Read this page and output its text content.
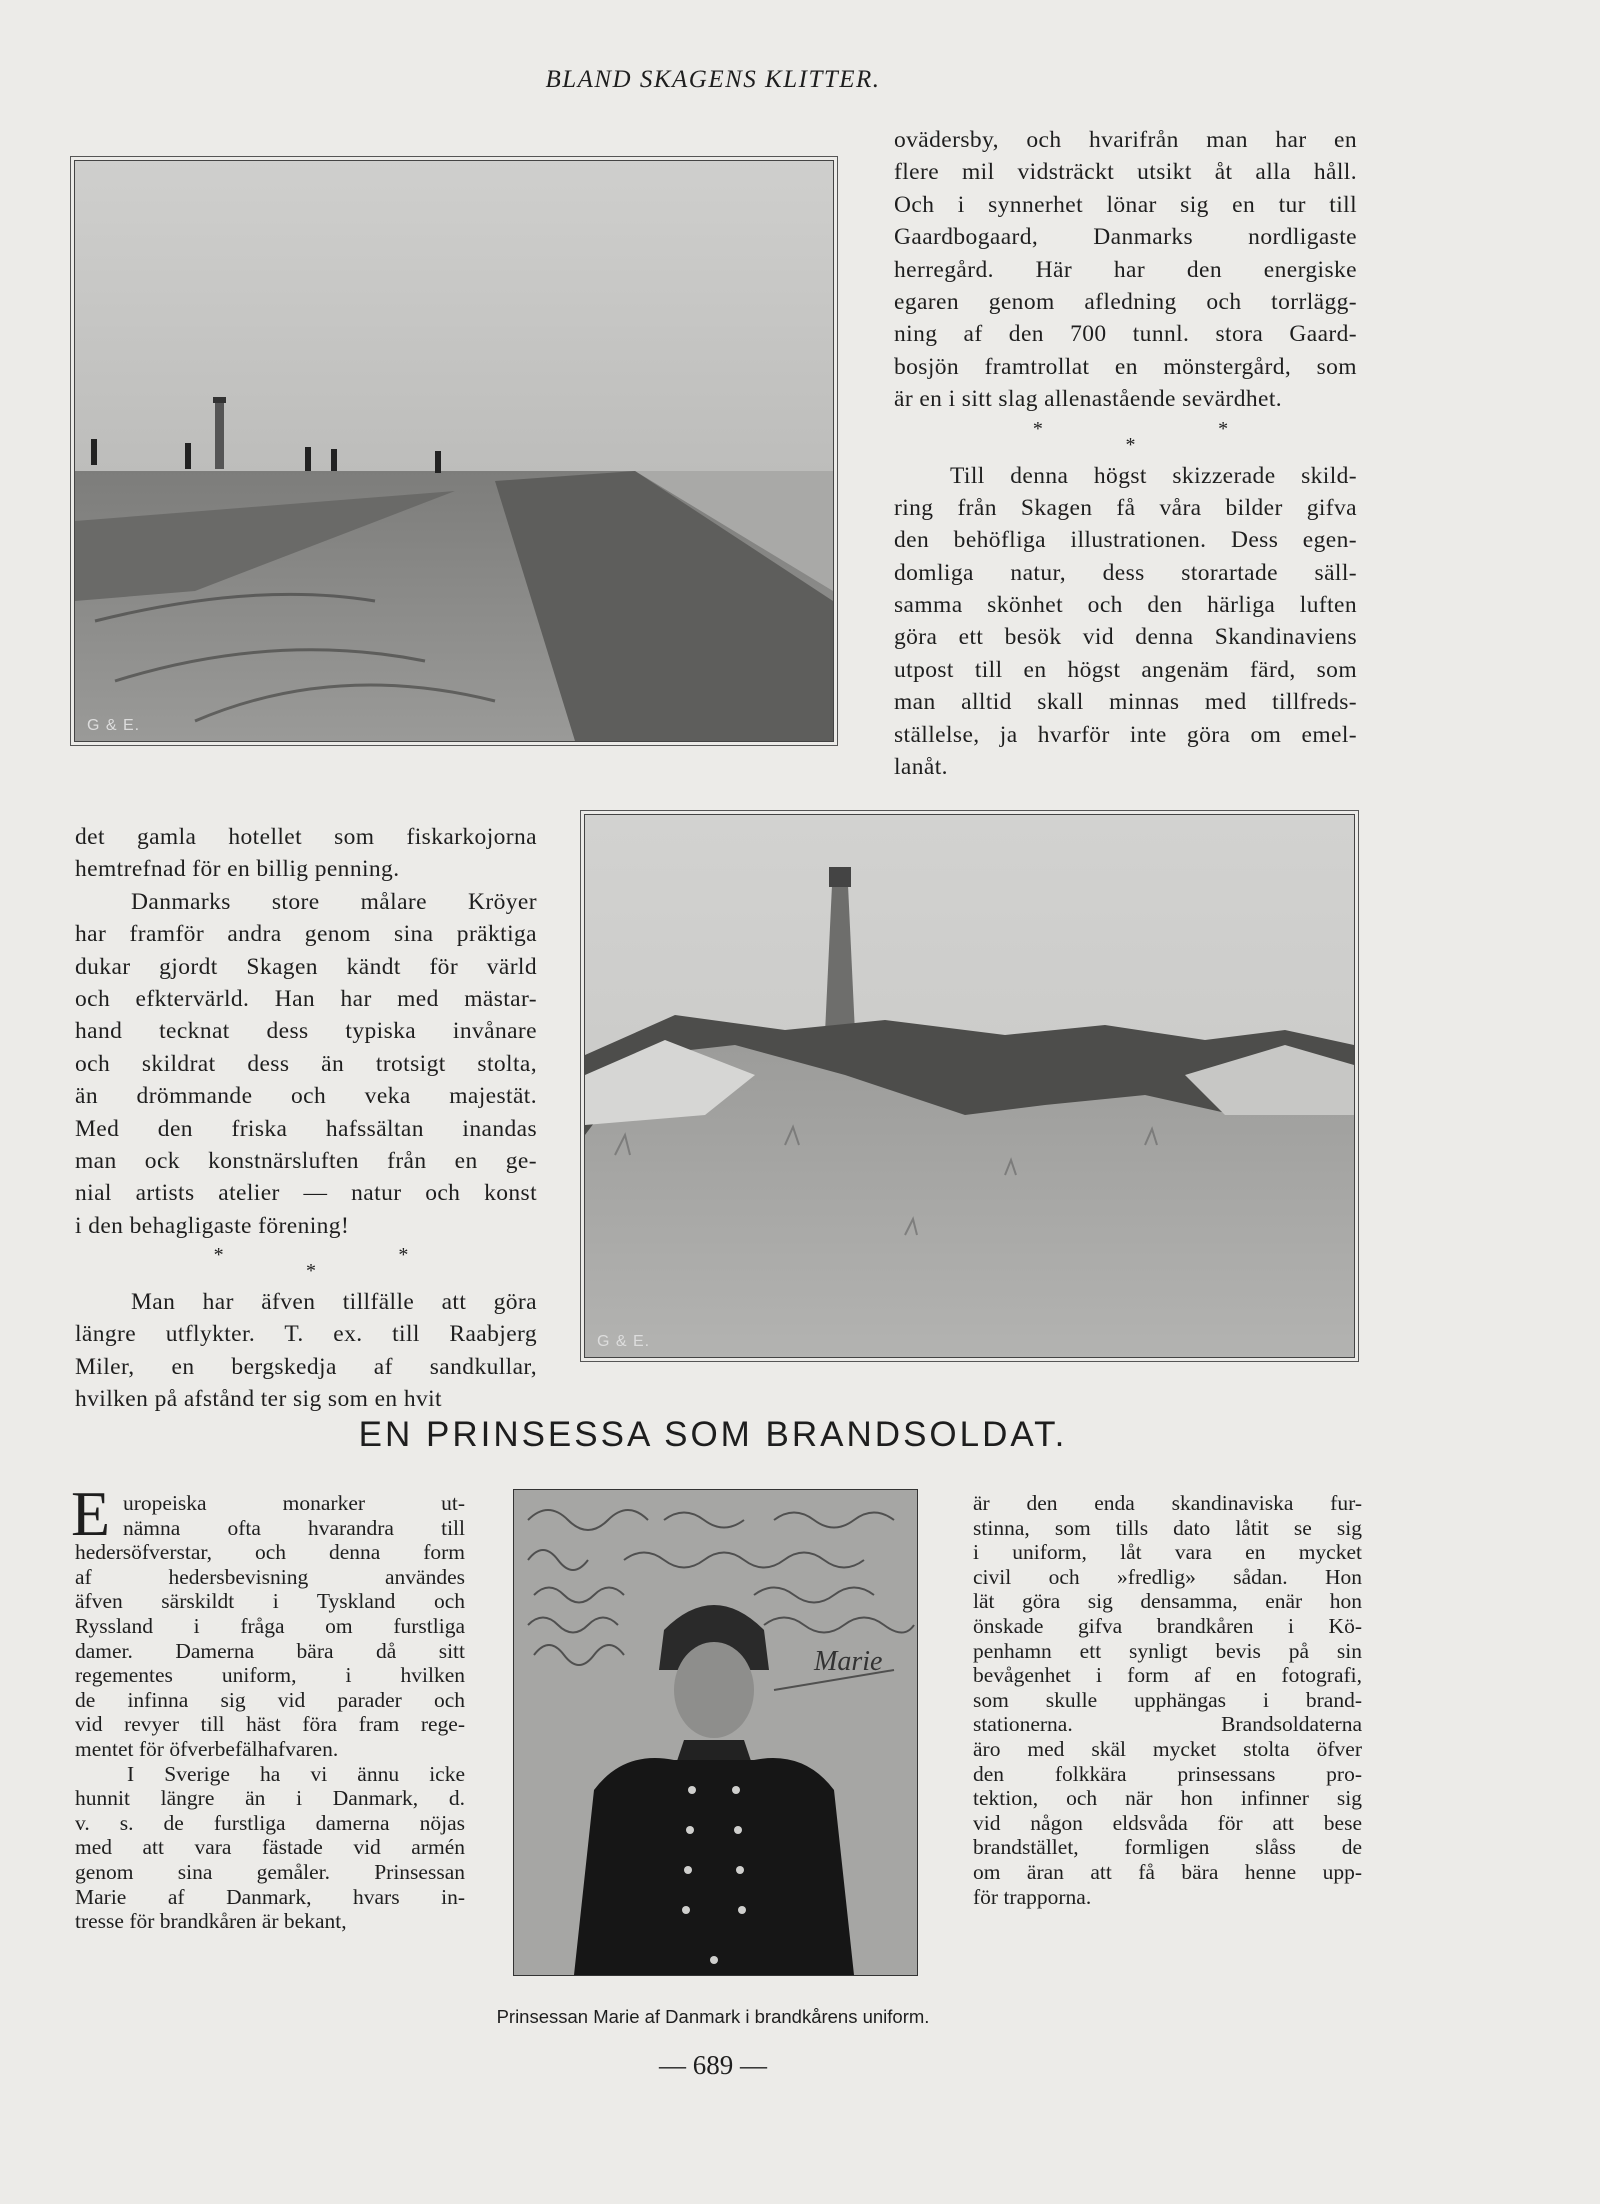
BLAND SKAGENS KLITTER.
G & E.
ovädersby, och hvarifrån man har en
flere mil vidsträckt utsikt åt alla håll.
Och i synnerhet lönar sig en tur till
Gaardbogaard, Danmarks nordligaste
herregård. Här har den energiske
egaren genom afledning och torrlägg-
ning af den 700 tunnl. stora Gaard-
bosjön framtrollat en mönstergård, som
är en i sitt slag allenastående sevärdhet.
*	*
*
Till denna högst skizzerade skild-
ring från Skagen få våra bilder gifva
den behöfliga illustrationen. Dess egen-
domliga natur, dess storartade säll-
samma skönhet och den härliga luften
göra ett besök vid denna Skandinaviens
utpost till en högst angenäm färd, som
man alltid skall minnas med tillfreds-
ställelse, ja hvarför inte göra om emel-
lanåt.
det gamla hotellet som fiskarkojorna
hemtrefnad för en billig penning.
Danmarks store målare Kröyer
har framför andra genom sina präktiga
dukar gjordt Skagen kändt för värld
och efktervärld. Han har med mästar-
hand tecknat dess typiska invånare
och skildrat dess än trotsigt stolta,
än drömmande och veka majestät.
Med den friska hafssältan inandas
man ock konstnärsluften från en ge-
nial artists atelier — natur och konst
i den behagligaste förening!
*	*
*
Man har äfven tillfälle att göra
längre utflykter. T. ex. till Raabjerg
Miler, en bergskedja af sandkullar,
hvilken på afstånd ter sig som en hvit
G & E.
EN PRINSESSA SOM BRANDSOLDAT.
E uropeiska monarker ut-
nämna ofta hvarandra till
hedersöfverstar, och denna form
af hedersbevisning användes
äfven särskildt i Tyskland och
Ryssland i fråga om furstliga
damer. Damerna bära då sitt
regementes uniform, i hvilken
de infinna sig vid parader och
vid revyer till häst föra fram rege-
mentet för öfverbefälhafvaren.
I Sverige ha vi ännu icke
hunnit längre än i Danmark, d.
v. s. de furstliga damerna nöjas
med att vara fästade vid armén
genom sina gemåler. Prinsessan
Marie af Danmark, hvars in-
tresse för brandkåren är bekant,
Marie
är den enda skandinaviska fur-
stinna, som tills dato låtit se sig
i uniform, låt vara en mycket
civil och »fredlig» sådan. Hon
lät göra sig densamma, enär hon
önskade gifva brandkåren i Kö-
penhamn ett synligt bevis på sin
bevågenhet i form af en fotografi,
som skulle upphängas i brand-
stationerna. Brandsoldaterna
äro med skäl mycket stolta öfver
den folkkära prinsessans pro-
tektion, och när hon infinner sig
vid någon eldsvåda för att bese
brandstället, formligen slåss de
om äran att få bära henne upp-
för trapporna.
Prinsessan Marie af Danmark i brandkårens uniform.
— 689 —
